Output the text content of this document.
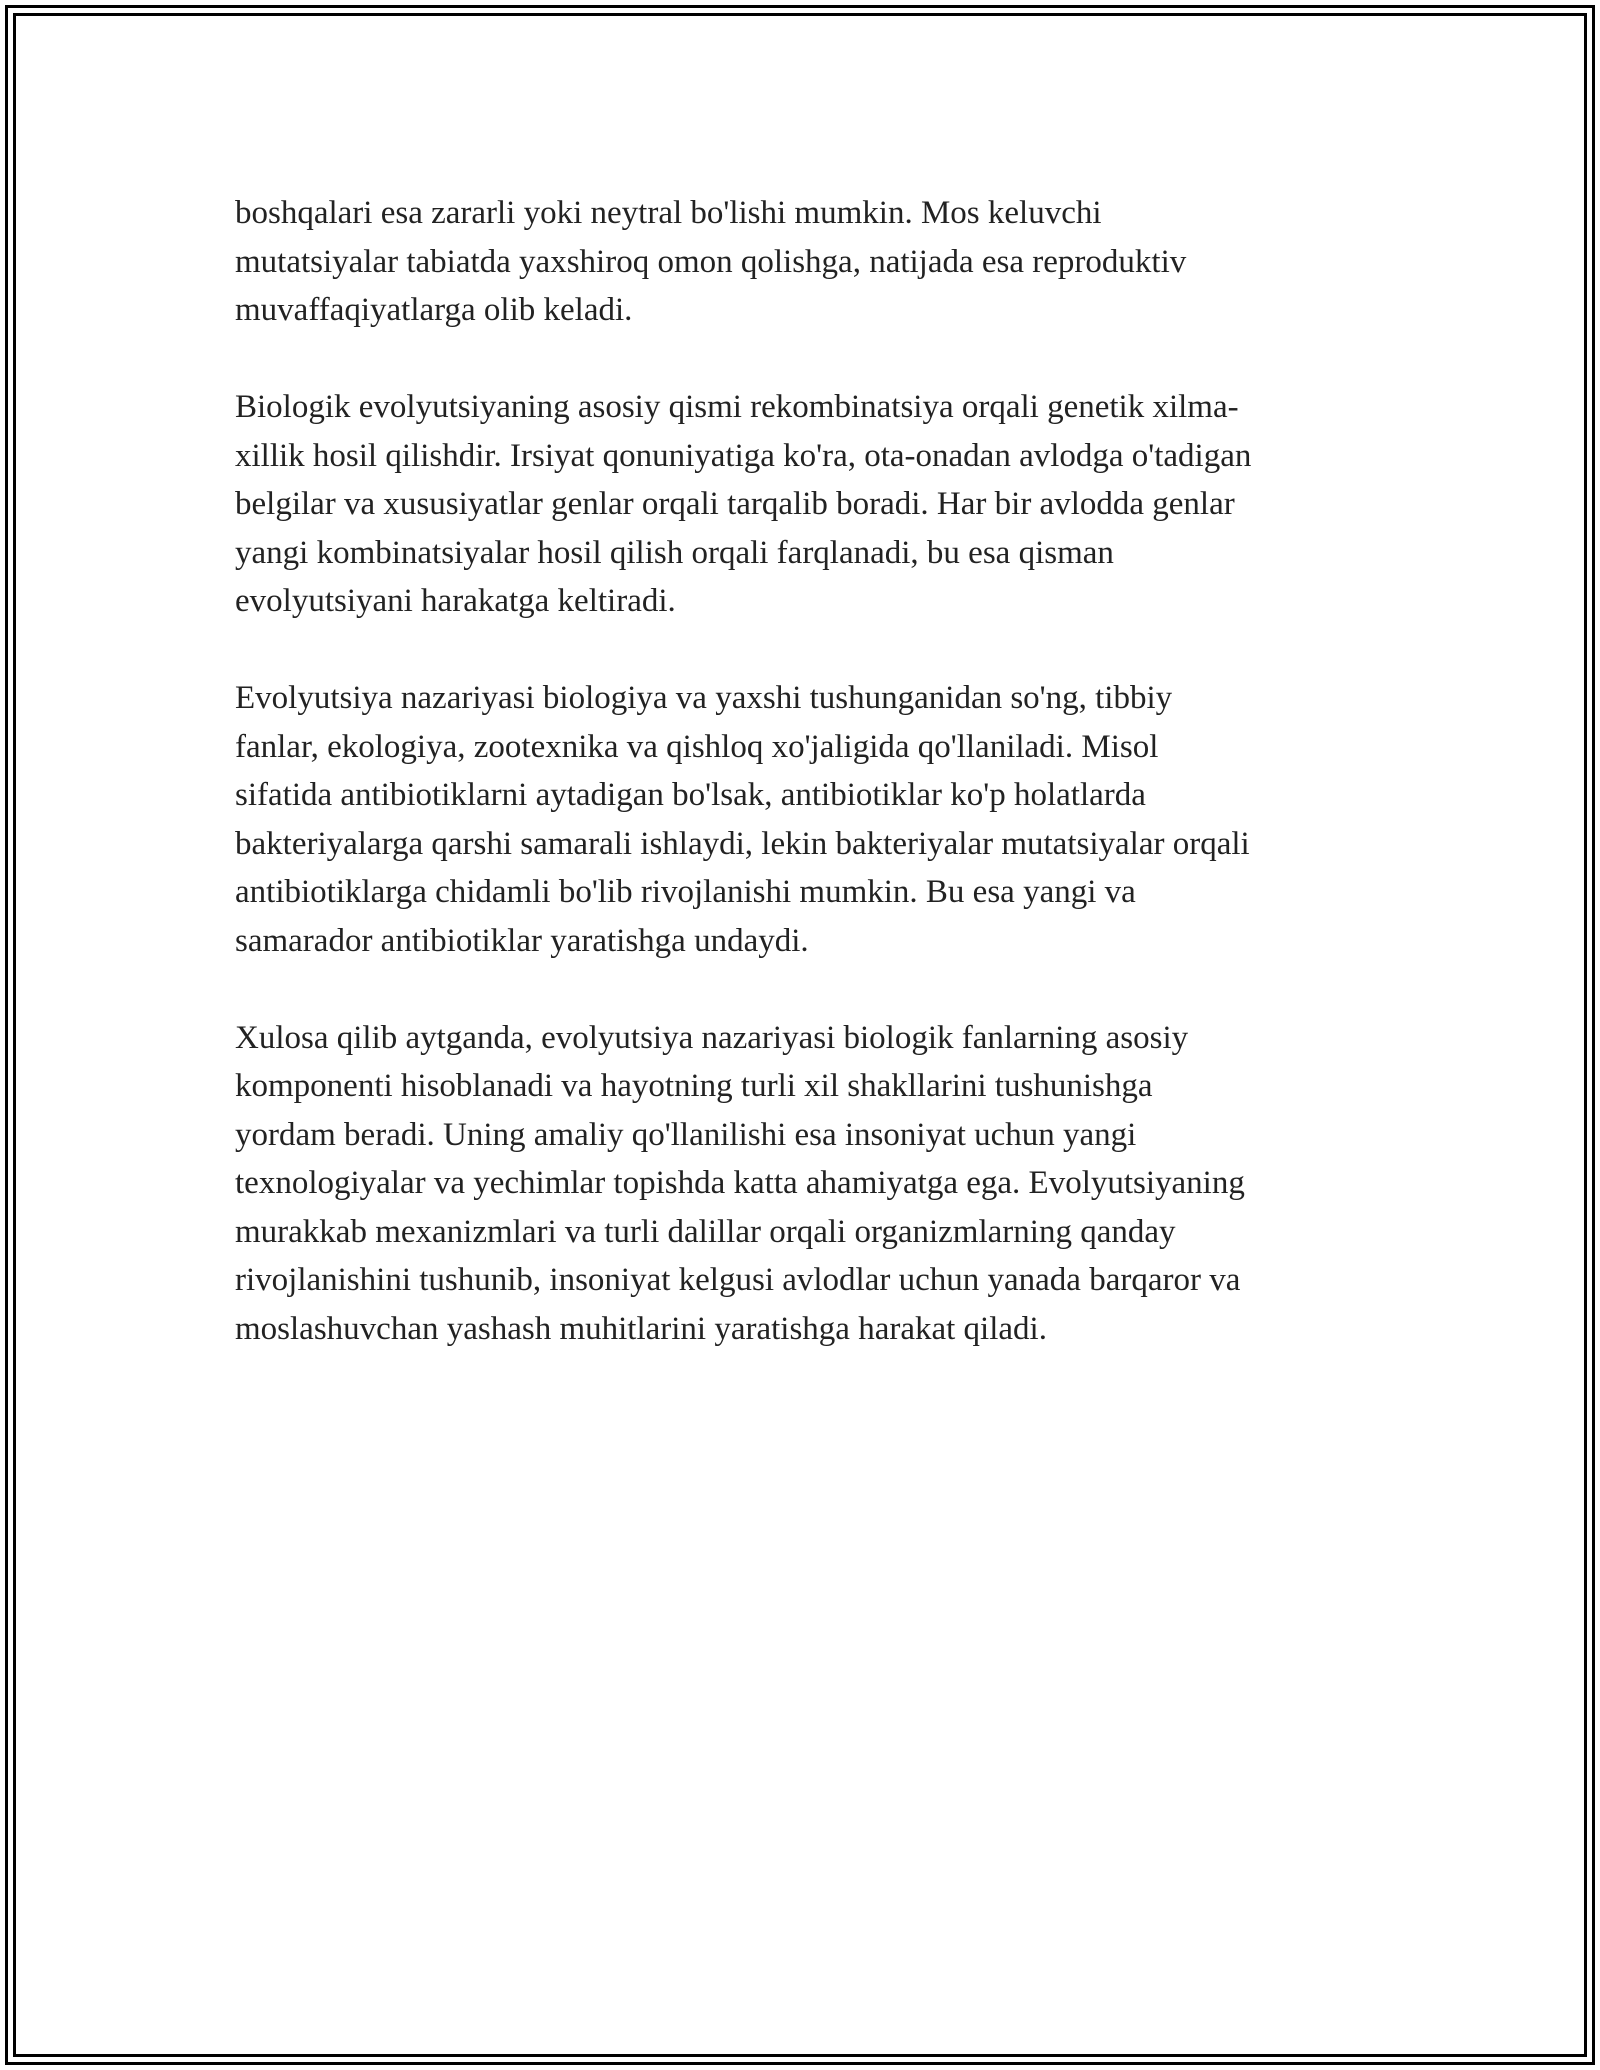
boshqalari esa zararli yoki neytral bo'lishi mumkin. Mos keluvchi
mutatsiyalar tabiatda yaxshiroq omon qolishga, natijada esa reproduktiv
muvaffaqiyatlarga olib keladi.

Biologik evolyutsiyaning asosiy qismi rekombinatsiya orqali genetik xilma-
xillik hosil qilishdir. Irsiyat qonuniyatiga ko'ra, ota-onadan avlodga o'tadigan
belgilar va xususiyatlar genlar orqali tarqalib boradi. Har bir avlodda genlar
yangi kombinatsiyalar hosil qilish orqali farqlanadi, bu esa qisman
evolyutsiyani harakatga keltiradi.

Evolyutsiya nazariyasi biologiya va yaxshi tushunganidan so'ng, tibbiy
fanlar, ekologiya, zootexnika va qishloq xo'jaligida qo'llaniladi. Misol
sifatida antibiotiklarni aytadigan bo'lsak, antibiotiklar ko'p holatlarda
bakteriyalarga qarshi samarali ishlaydi, lekin bakteriyalar mutatsiyalar orqali
antibiotiklarga chidamli bo'lib rivojlanishi mumkin. Bu esa yangi va
samarador antibiotiklar yaratishga undaydi.

Xulosa qilib aytganda, evolyutsiya nazariyasi biologik fanlarning asosiy
komponenti hisoblanadi va hayotning turli xil shakllarini tushunishga
yordam beradi. Uning amaliy qo'llanilishi esa insoniyat uchun yangi
texnologiyalar va yechimlar topishda katta ahamiyatga ega. Evolyutsiyaning
murakkab mexanizmlari va turli dalillar orqali organizmlarning qanday
rivojlanishini tushunib, insoniyat kelgusi avlodlar uchun yanada barqaror va
moslashuvchan yashash muhitlarini yaratishga harakat qiladi.
